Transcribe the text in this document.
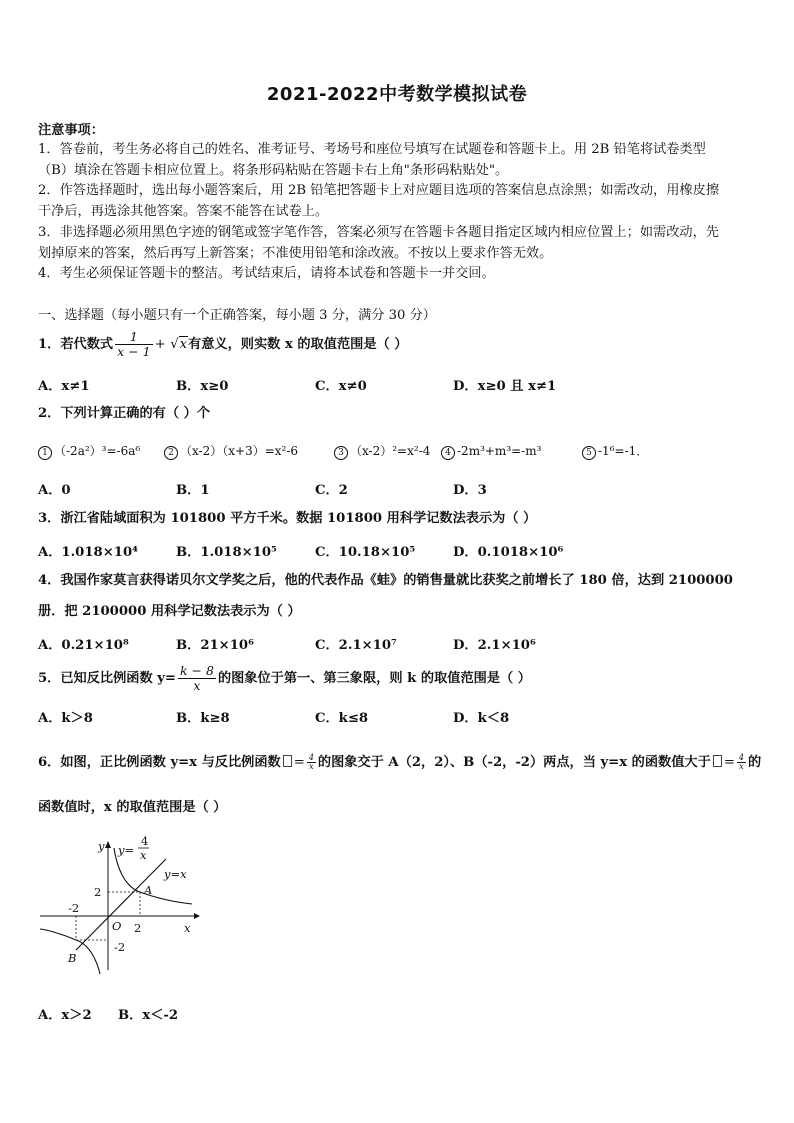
2021-2022中考数学模拟试卷
注意事项：
1．答卷前，考生务必将自己的姓名、准考证号、考场号和座位号填写在试题卷和答题卡上。用 2B 铅笔将试卷类型
（B）填涂在答题卡相应位置上。将条形码粘贴在答题卡右上角"条形码粘贴处"。
2．作答选择题时，选出每小题答案后，用 2B 铅笔把答题卡上对应题目选项的答案信息点涂黑；如需改动，用橡皮擦
干净后，再选涂其他答案。答案不能答在试卷上。
3．非选择题必须用黑色字迹的钢笔或签字笔作答，答案必须写在答题卡各题目指定区域内相应位置上；如需改动，先
划掉原来的答案，然后再写上新答案；不准使用铅笔和涂改液。不按以上要求作答无效。
4．考生必须保证答题卡的整洁。考试结束后，请将本试卷和答题卡一并交回。
一、选择题（每小题只有一个正确答案，每小题 3 分，满分 30 分）
1．若代数式 $\frac{1}{x - 1} + √x$有意义，则实数 x 的取值范围是（ ）
A．x≠1	B．x≥0	C．x≠0	D．x≥0 且 x≠1
2．下列计算正确的有（ ）个
1 （-2a²）³=-6a⁶	2 （x-2）（x+3）=x²-6	3 （x-2）²=x²-4	4 -2m³+m³=-m³	5 -1⁶=-1．
A．0	B．1	C．2	D．3
3．浙江省陆域面积为 101800 平方千米。数据 101800 用科学记数法表示为（ ）
A．1.018×10⁴	B．1.018×10⁵	C．10.18×10⁵	D．0.1018×10⁶
4．我国作家莫言获得诺贝尔文学奖之后，他的代表作品《蛙》的销售量就比获奖之前增长了 180 倍，达到 2100000
册．把 2100000 用科学记数法表示为（ ）
A．0.21×10⁸	B．21×10⁶	C．2.1×10⁷	D．2.1×10⁶
5．已知反比例函数 $y= \frac{k - 8}{x}$ 的图象位于第一、第三象限，则 k 的取值范围是（ ）
A．k＞8	B．k≥8	C．k≤8	D．k＜8
6．如图，正比例函数 y=x 与反比例函数 = $\frac{4}{x}$ 的图象交于 A（2，2）、B（-2，-2）两点，当 y=x 的函数值大于 = $\frac{4}{x}$ 的
函数值时，x 的取值范围是（ ）
y
x
y=
4
x
y=x
O
A
B
2
2
-2
-2
A．x＞2 B．x＜-2
